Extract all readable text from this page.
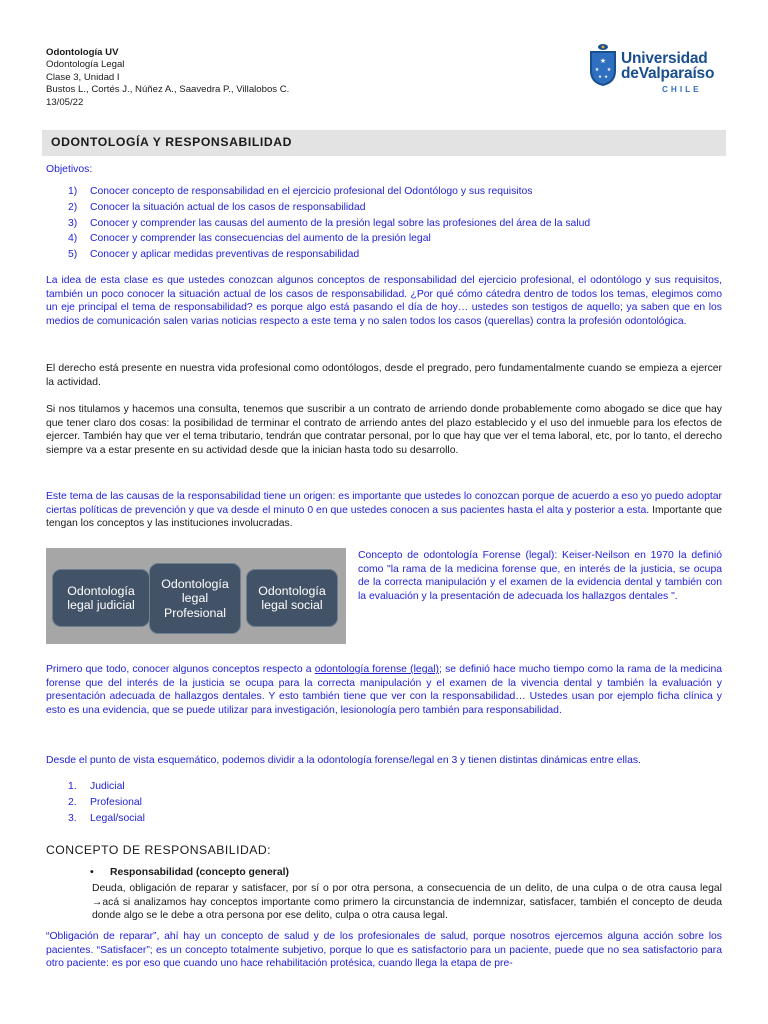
Odontología UV
Odontología Legal
Clase 3, Unidad I
Bustos L., Cortés J., Núñez A., Saavedra P., Villalobos C.
13/05/22
★
★ ★
★ ★
Universidad
deValparaíso
CHILE
ODONTOLOGÍA Y RESPONSABILIDAD
Objetivos:
1)	Conocer concepto de responsabilidad en el ejercicio profesional del Odontólogo y sus requisitos
2)	Conocer la situación actual de los casos de responsabilidad
3)	Conocer y comprender las causas del aumento de la presión legal sobre las profesiones del área de la salud
4)	Conocer y comprender las consecuencias del aumento de la presión legal
5)	Conocer y aplicar medidas preventivas de responsabilidad
La idea de esta clase es que ustedes conozcan algunos conceptos de responsabilidad del ejercicio profesional, el odontólogo y sus requisitos, también un poco conocer la situación actual de los casos de responsabilidad. ¿Por qué cómo cátedra dentro de todos los temas, elegimos como un eje principal el tema de responsabilidad? es porque algo está pasando el día de hoy… ustedes son testigos de aquello; ya saben que en los medios de comunicación salen varias noticias respecto a este tema y no salen todos los casos (querellas) contra la profesión odontológica.
El derecho está presente en nuestra vida profesional como odontólogos, desde el pregrado, pero fundamentalmente cuando se empieza a ejercer la actividad.
Si nos titulamos y hacemos una consulta, tenemos que suscribir a un contrato de arriendo donde probablemente como abogado se dice que hay que tener claro dos cosas: la posibilidad de terminar el contrato de arriendo antes del plazo establecido y el uso del inmueble para los efectos de ejercer. También hay que ver el tema tributario, tendrán que contratar personal, por lo que hay que ver el tema laboral, etc, por lo tanto, el derecho siempre va a estar presente en su actividad desde que la inician hasta todo su desarrollo.
Este tema de las causas de la responsabilidad tiene un origen: es importante que ustedes lo conozcan porque de acuerdo a eso yo puedo adoptar ciertas políticas de prevención y que va desde el minuto 0 en que ustedes conocen a sus pacientes hasta el alta y posterior a esta. Importante que tengan los conceptos y las instituciones involucradas.
Odontología legal judicial
Odontología legal Profesional
Odontología legal social
Concepto de odontología Forense (legal): Keiser-Neilson en 1970 la definió como "la rama de la medicina forense que, en interés de la justicia, se ocupa de la correcta manipulación y el examen de la evidencia dental y también con la evaluación y la presentación de adecuada los hallazgos dentales ".
Primero que todo, conocer algunos conceptos respecto a odontología forense (legal); se definió hace mucho tiempo como la rama de la medicina forense que del interés de la justicia se ocupa para la correcta manipulación y el examen de la vivencia dental y también la evaluación y presentación adecuada de hallazgos dentales. Y esto también tiene que ver con la responsabilidad… Ustedes usan por ejemplo ficha clínica y esto es una evidencia, que se puede utilizar para investigación, lesionología pero también para responsabilidad.
Desde el punto de vista esquemático, podemos dividir a la odontología forense/legal en 3 y tienen distintas dinámicas entre ellas.
1.	Judicial
2.	Profesional
3.	Legal/social
CONCEPTO DE RESPONSABILIDAD:
•	Responsabilidad (concepto general)
Deuda, obligación de reparar y satisfacer, por sí o por otra persona, a consecuencia de un delito, de una culpa o de otra causa legal →acá si analizamos hay conceptos importante como primero la circunstancia de indemnizar, satisfacer, también el concepto de deuda donde algo se le debe a otra persona por ese delito, culpa o otra causa legal.
“Obligación de reparar”, ahí hay un concepto de salud y de los profesionales de salud, porque nosotros ejercemos alguna acción sobre los pacientes. “Satisfacer”; es un concepto totalmente subjetivo, porque lo que es satisfactorio para un paciente, puede que no sea satisfactorio para otro paciente: es por eso que cuando uno hace rehabilitación protésica, cuando llega la etapa de pre-
